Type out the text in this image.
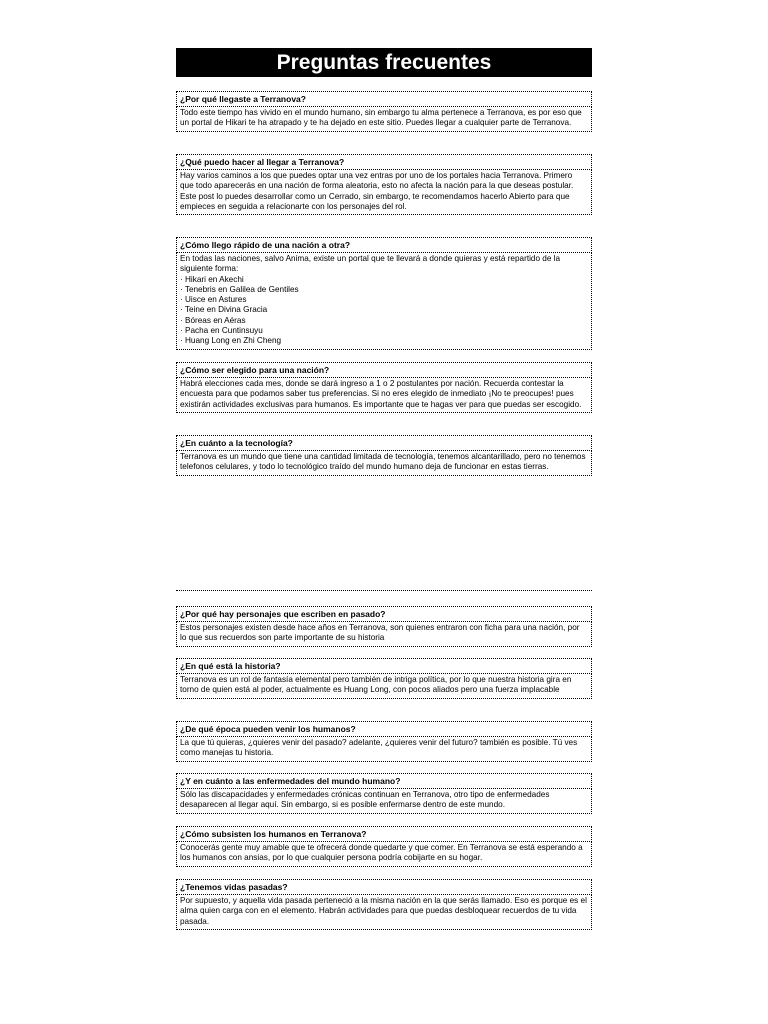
Preguntas frecuentes
¿Por qué llegaste a Terranova?

Todo este tiempo has vivido en el mundo humano, sin embargo tu alma pertenece a Terranova, es por eso que un portal de Hikari te ha atrapado y te ha dejado en este sitio. Puedes llegar a cualquier parte de Terranova.

¿Qué puedo hacer al llegar a Terranova?

Hay varios caminos a los que puedes optar una vez entras por uno de los portales hacia Terranova. Primero que todo aparecerás en una nación de forma aleatoria, esto no afecta la nación para la que deseas postular.

Este post lo puedes desarrollar como un Cerrado, sin embargo, te recomendamos hacerlo Abierto para que empieces en seguida a relacionarte con los personajes del rol.

¿Cómo llego rápido de una nación a otra?

En todas las naciones, salvo Anima, existe un portal que te llevará a donde quieras y está repartido de la siguiente forma:

· Hikari en Akechi

· Tenebris en Galilea de Gentiles

· Uisce en Astures

· Teine en Divina Gracia

· Bóreas en Aéras

· Pacha en Cuntinsuyu

· Huang Long en Zhi Cheng

¿Cómo ser elegido para una nación?

Habrá elecciones cada mes, donde se dará ingreso a 1 o 2 postulantes por nación. Recuerda contestar la encuesta para que podamos saber tus preferencias. Si no eres elegido de inmediato ¡No te preocupes! pues existirán actividades exclusivas para humanos. Es importante que te hagas ver para que puedas ser escogido.

¿En cuánto a la tecnología?

Terranova es un mundo que tiene una cantidad limitada de tecnología, tenemos alcantarillado, pero no tenemos telefonos celulares, y todo lo tecnológico traído del mundo humano deja de funcionar en estas tierras.

¿Por qué hay personajes que escriben en pasado?

Estos personajes existen desde hace años en Terranova, son quienes entraron con ficha para una nación, por lo que sus recuerdos son parte importante de su historia

¿En qué está la historia?

Terranova es un rol de fantasía elemental pero también de intriga política, por lo que nuestra historia gira en torno de quien está al poder, actualmente es Huang Long, con pocos aliados pero una fuerza implacable

¿De qué época pueden venir los humanos?

La que tú quieras, ¿quieres venir del pasado? adelante, ¿quieres venir del futuro? también es posible. Tú ves como manejas tu historia.

¿Y en cuánto a las enfermedades del mundo humano?

Sólo las discapacidades y enfermedades crónicas continuan en Terranova, otro tipo de enfermedades desaparecen al llegar aquí. Sin embargo, si es posible enfermarse dentro de este mundo.

¿Cómo subsisten los humanos en Terranova?

Conocerás gente muy amable que te ofrecerá donde quedarte y que comer. En Terranova se está esperando a los humanos con ansias, por lo que cualquier persona podría cobijarte en su hogar.

¿Tenemos vidas pasadas?

Por supuesto, y aquella vida pasada perteneció a la misma nación en la que serás llamado. Eso es porque es el alma quien carga con en el elemento. Habrán actividades para que puedas desbloquear recuerdos de tu vida pasada.
